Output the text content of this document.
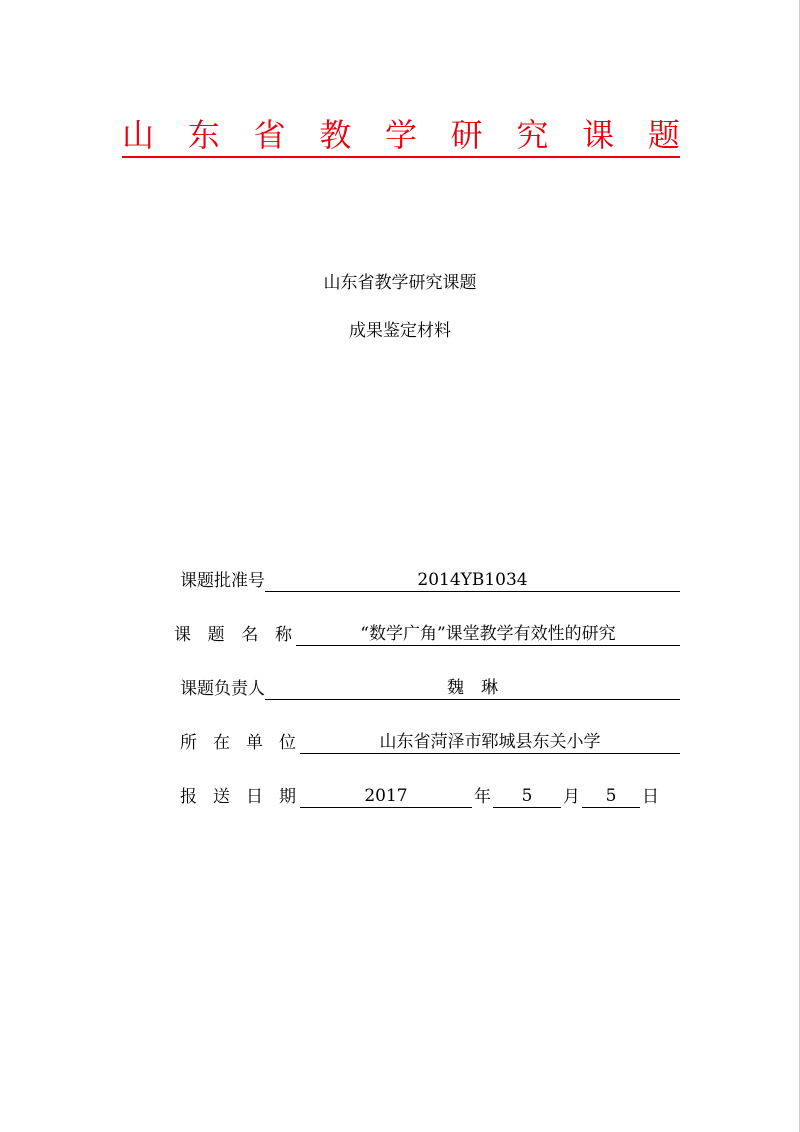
山 东 省 教 学 研 究 课 题
山东省教学研究课题
成果鉴定材料
课题批准号	2014YB1034
课 题 名 称	“数学广角”课堂教学有效性的研究
课题负责人	魏　琳
所 在 单 位	山东省菏泽市郓城县东关小学
报 送 日 期	2017	年	5	月	5	日
